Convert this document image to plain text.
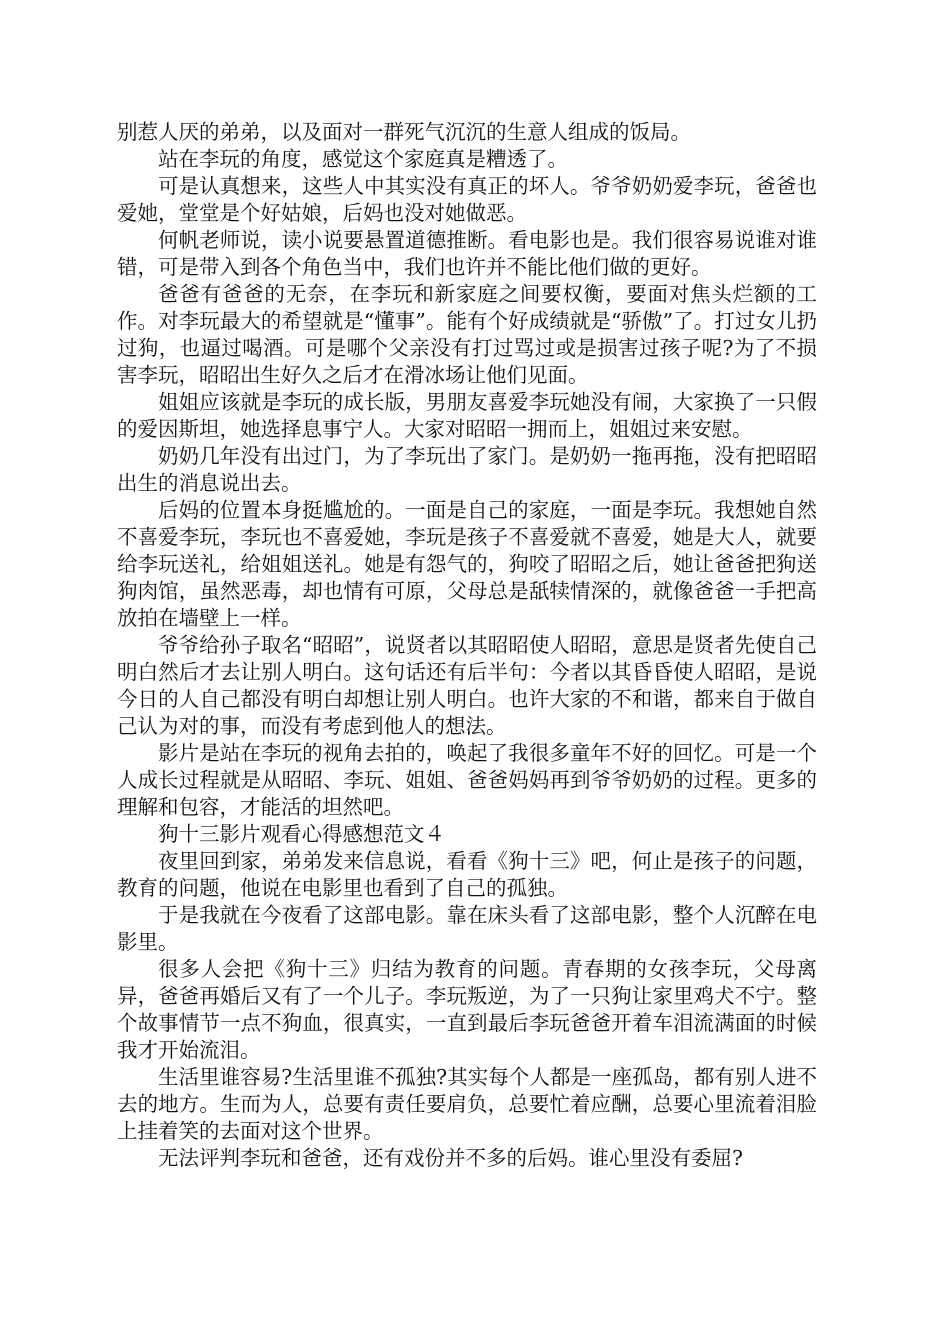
别惹人厌的弟弟，以及面对一群死气沉沉的生意人组成的饭局。

站在李玩的角度，感觉这个家庭真是糟透了。

可是认真想来，这些人中其实没有真正的坏人。爷爷奶奶爱李玩，爸爸也爱她，堂堂是个好姑娘，后妈也没对她做恶。

何帆老师说，读小说要悬置道德推断。看电影也是。我们很容易说谁对谁错，可是带入到各个角色当中，我们也许并不能比他们做的更好。

爸爸有爸爸的无奈，在李玩和新家庭之间要权衡，要面对焦头烂额的工作。对李玩最大的希望就是“懂事”。能有个好成绩就是“骄傲”了。打过女儿扔过狗，也逼过喝酒。可是哪个父亲没有打过骂过或是损害过孩子呢?为了不损害李玩，昭昭出生好久之后才在滑冰场让他们见面。

姐姐应该就是李玩的成长版，男朋友喜爱李玩她没有闹，大家换了一只假的爱因斯坦，她选择息事宁人。大家对昭昭一拥而上，姐姐过来安慰。

奶奶几年没有出过门，为了李玩出了家门。是奶奶一拖再拖，没有把昭昭出生的消息说出去。

后妈的位置本身挺尴尬的。一面是自己的家庭，一面是李玩。我想她自然不喜爱李玩，李玩也不喜爱她，李玩是孩子不喜爱就不喜爱，她是大人，就要给李玩送礼，给姐姐送礼。她是有怨气的，狗咬了昭昭之后，她让爸爸把狗送狗肉馆，虽然恶毒，却也情有可原，父母总是舐犊情深的，就像爸爸一手把高放拍在墙壁上一样。

爷爷给孙子取名“昭昭”，说贤者以其昭昭使人昭昭，意思是贤者先使自己明白然后才去让别人明白。这句话还有后半句：今者以其昏昏使人昭昭，是说今日的人自己都没有明白却想让别人明白。也许大家的不和谐，都来自于做自己认为对的事，而没有考虑到他人的想法。

影片是站在李玩的视角去拍的，唤起了我很多童年不好的回忆。可是一个人成长过程就是从昭昭、李玩、姐姐、爸爸妈妈再到爷爷奶奶的过程。更多的理解和包容，才能活的坦然吧。

狗十三影片观看心得感想范文４

夜里回到家，弟弟发来信息说，看看《狗十三》吧，何止是孩子的问题，教育的问题，他说在电影里也看到了自己的孤独。

于是我就在今夜看了这部电影。靠在床头看了这部电影，整个人沉醉在电影里。

很多人会把《狗十三》归结为教育的问题。青春期的女孩李玩，父母离异，爸爸再婚后又有了一个儿子。李玩叛逆，为了一只狗让家里鸡犬不宁。整个故事情节一点不狗血，很真实，一直到最后李玩爸爸开着车泪流满面的时候我才开始流泪。

生活里谁容易?生活里谁不孤独?其实每个人都是一座孤岛，都有别人进不去的地方。生而为人，总要有责任要肩负，总要忙着应酬，总要心里流着泪脸上挂着笑的去面对这个世界。

无法评判李玩和爸爸，还有戏份并不多的后妈。谁心里没有委屈?
